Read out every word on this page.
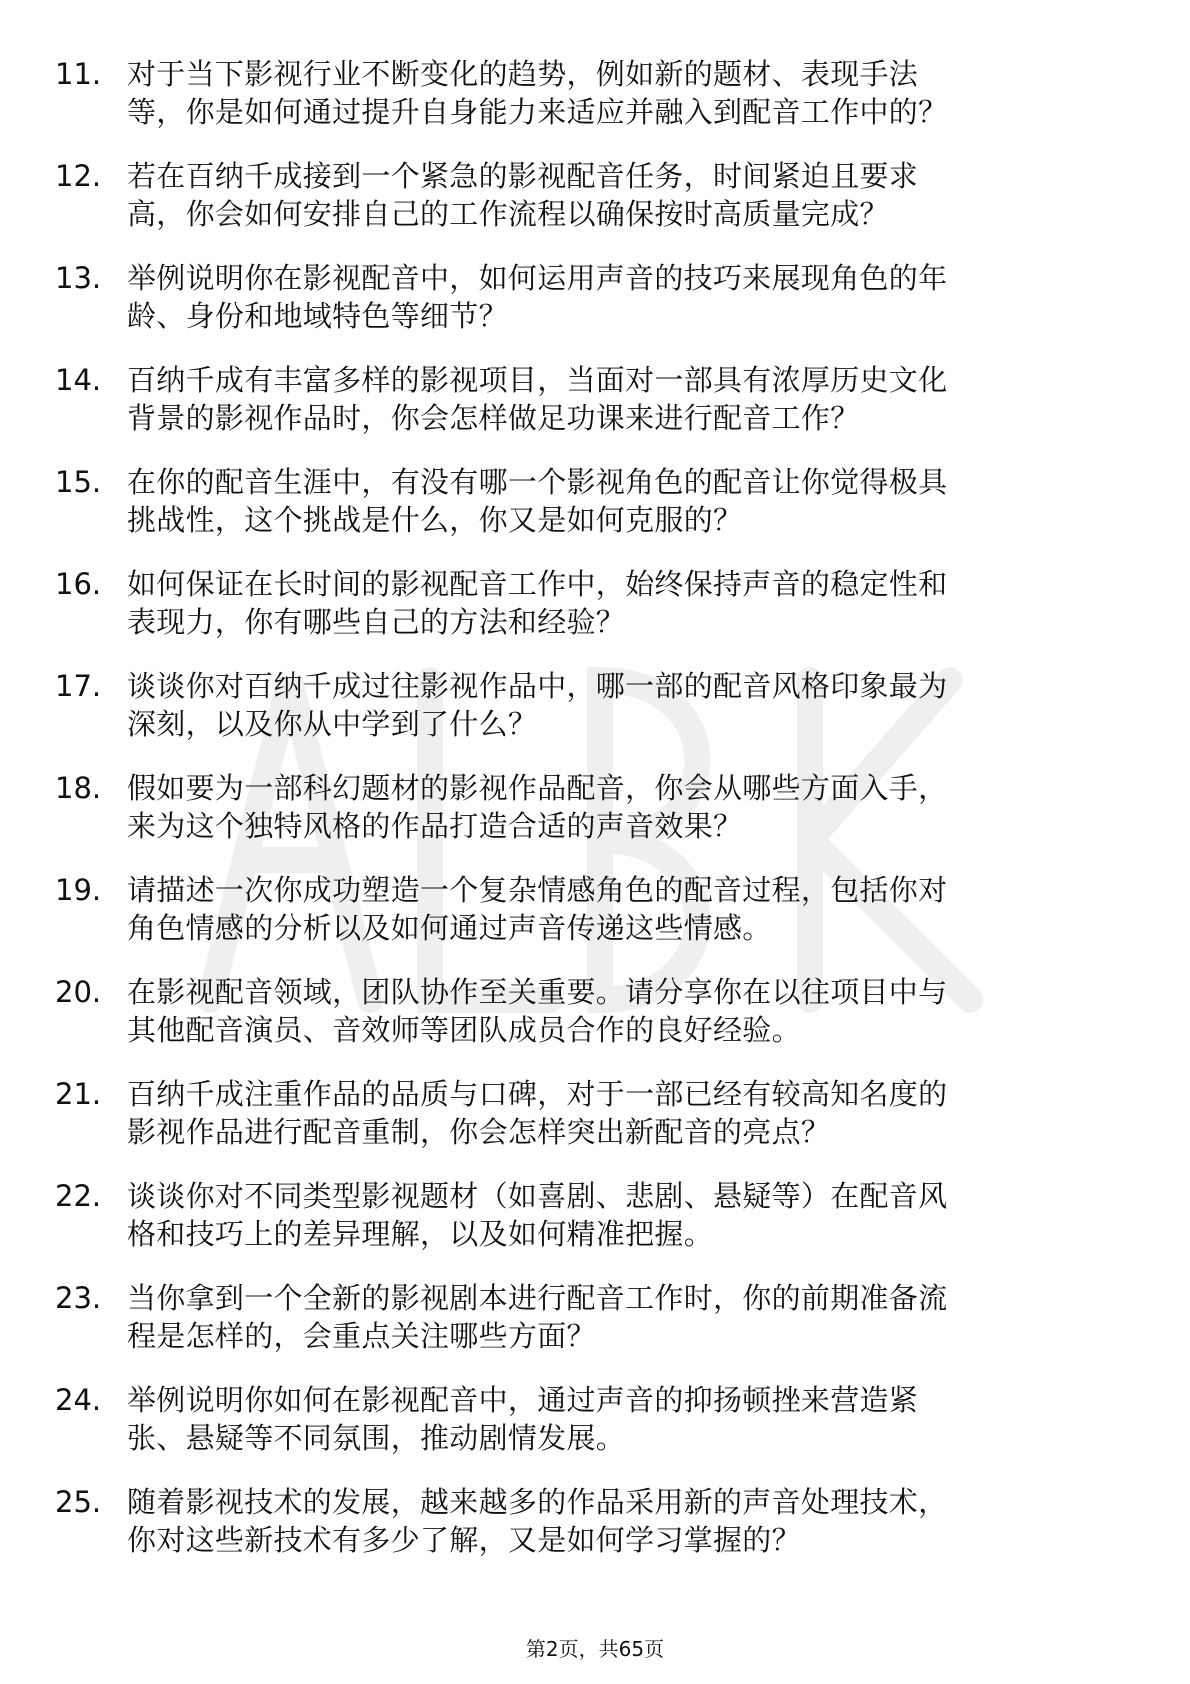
11. 对于当下影视行业不断变化的趋势，例如新的题材、表现手法
等，你是如何通过提升自身能力来适应并融入到配音工作中的？
12. 若在百纳千成接到一个紧急的影视配音任务，时间紧迫且要求
高，你会如何安排自己的工作流程以确保按时高质量完成？
13. 举例说明你在影视配音中，如何运用声音的技巧来展现角色的年
龄、身份和地域特色等细节？
14. 百纳千成有丰富多样的影视项目，当面对一部具有浓厚历史文化
背景的影视作品时，你会怎样做足功课来进行配音工作？
15. 在你的配音生涯中，有没有哪一个影视角色的配音让你觉得极具
挑战性，这个挑战是什么，你又是如何克服的？
16. 如何保证在长时间的影视配音工作中，始终保持声音的稳定性和
表现力，你有哪些自己的方法和经验？
17. 谈谈你对百纳千成过往影视作品中，哪一部的配音风格印象最为
深刻，以及你从中学到了什么？
18. 假如要为一部科幻题材的影视作品配音，你会从哪些方面入手，
来为这个独特风格的作品打造合适的声音效果？
19. 请描述一次你成功塑造一个复杂情感角色的配音过程，包括你对
角色情感的分析以及如何通过声音传递这些情感。
20. 在影视配音领域，团队协作至关重要。请分享你在以往项目中与
其他配音演员、音效师等团队成员合作的良好经验。
21. 百纳千成注重作品的品质与口碑，对于一部已经有较高知名度的
影视作品进行配音重制，你会怎样突出新配音的亮点？
22. 谈谈你对不同类型影视题材（如喜剧、悲剧、悬疑等）在配音风
格和技巧上的差异理解，以及如何精准把握。
23. 当你拿到一个全新的影视剧本进行配音工作时，你的前期准备流
程是怎样的，会重点关注哪些方面？
24. 举例说明你如何在影视配音中，通过声音的抑扬顿挫来营造紧
张、悬疑等不同氛围，推动剧情发展。
25. 随着影视技术的发展，越来越多的作品采用新的声音处理技术，
你对这些新技术有多少了解，又是如何学习掌握的？
第2页，共65页
